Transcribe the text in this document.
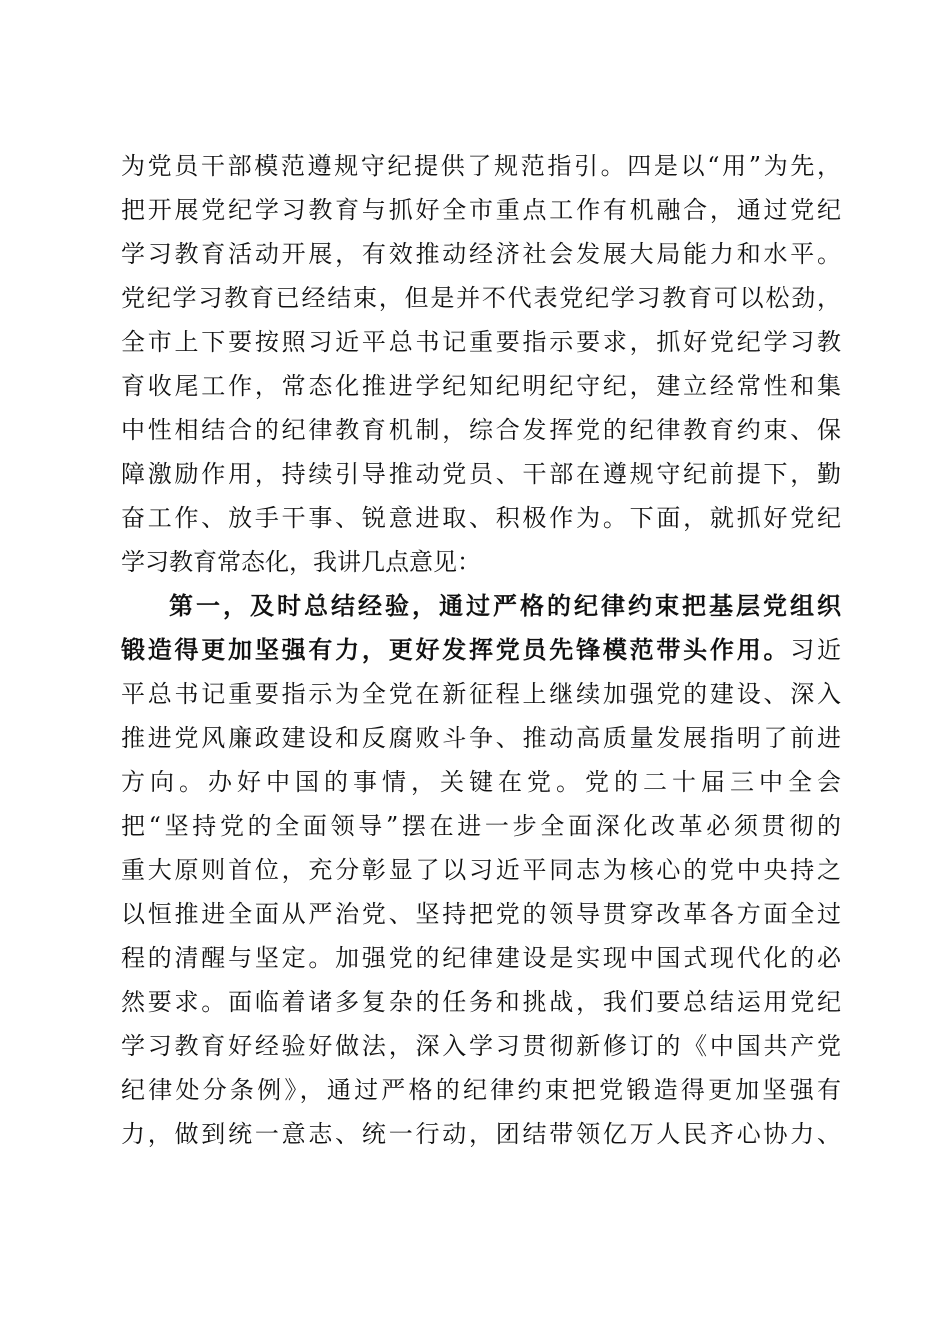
为党员干部模范遵规守纪提供了规范指引。四是以“用”为先，
把开展党纪学习教育与抓好全市重点工作有机融合，通过党纪
学习教育活动开展，有效推动经济社会发展大局能力和水平。
党纪学习教育已经结束，但是并不代表党纪学习教育可以松劲，
全市上下要按照习近平总书记重要指示要求，抓好党纪学习教
育收尾工作，常态化推进学纪知纪明纪守纪，建立经常性和集
中性相结合的纪律教育机制，综合发挥党的纪律教育约束、保
障激励作用，持续引导推动党员、干部在遵规守纪前提下，勤
奋工作、放手干事、锐意进取、积极作为。下面，就抓好党纪
学习教育常态化，我讲几点意见：
第一，及时总结经验，通过严格的纪律约束把基层党组织
锻造得更加坚强有力，更好发挥党员先锋模范带头作用。习近
平总书记重要指示为全党在新征程上继续加强党的建设、深入
推进党风廉政建设和反腐败斗争、推动高质量发展指明了前进
方向。办好中国的事情，关键在党。党的二十届三中全会
把“坚持党的全面领导”摆在进一步全面深化改革必须贯彻的
重大原则首位，充分彰显了以习近平同志为核心的党中央持之
以恒推进全面从严治党、坚持把党的领导贯穿改革各方面全过
程的清醒与坚定。加强党的纪律建设是实现中国式现代化的必
然要求。面临着诸多复杂的任务和挑战，我们要总结运用党纪
学习教育好经验好做法，深入学习贯彻新修订的《中国共产党
纪律处分条例》，通过严格的纪律约束把党锻造得更加坚强有
力，做到统一意志、统一行动，团结带领亿万人民齐心协力、
